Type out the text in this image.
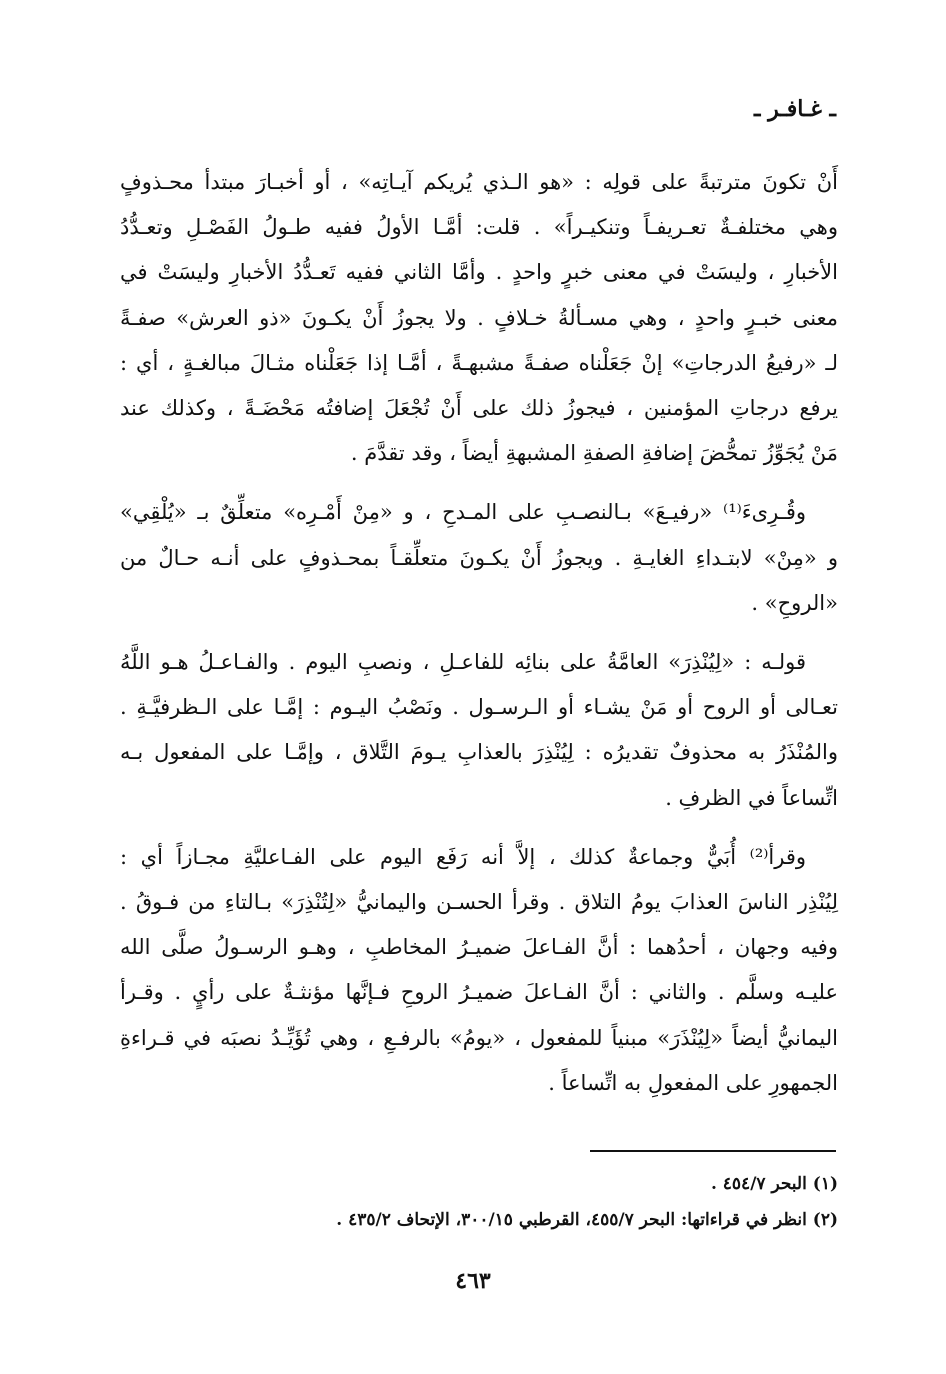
ـ غـافـر ـ

أَنْ تكونَ مترتبةً على قولِه : «هو الـذي يُريكم آيـاتِه» ، أو أخبـارَ مبتدأ محـذوفٍ
وهي مختلفـةٌ تعـريفـاً وتنكيـراً» . قلت: أمَّـا الأولُ ففيه طـولُ الفَصْـلِ وتعـدُّدُ
الأخبارِ ، وليسَتْ في معنى خبرٍ واحدٍ . وأمَّا الثاني ففيه تَعـدُّدُ الأخبارِ وليسَتْ في
معنى خبـرٍ واحدٍ ، وهي مسـألةُ خـلافٍ . ولا يجوزُ أَنْ يكـونَ «ذو العرش» صفـةً
لـ «رفيعُ الدرجاتِ» إنْ جَعَلْناه صفـةً مشبهـةً ، أمَّـا إذا جَعَلْناه مثـالَ مبالغـةٍ ، أي :
يرفع درجاتِ المؤمنين ، فيجوزُ ذلك على أَنْ تُجْعَلَ إضافتُه مَحْضَـةً ، وكذلك عند
مَنْ يُجَوِّزُ تمحُّضَ إضافةِ الصفةِ المشبهةِ أيضاً ، وقد تقدَّمَ .

وقُـرِىءَ⁽¹⁾ «رفيـعَ» بـالنصـبِ على المـدحِ ، و «مِنْ أَمْـرِه» متعلِّقٌ بـ «يُلْقِي»
و «مِنْ» لابتـداءِ الغايـةِ . ويجوزُ أَنْ يكـونَ متعلِّقـاً بمحـذوفٍ على أنـه حـالٌ من
«الروحِ» .

قولـه : «لِيُنْذِرَ» العامَّةُ على بنائِه للفاعـلِ ، ونصبِ اليوم . والفـاعـلُ هـو اللَّهُ
تعـالى أو الروح أو مَنْ يشـاء أو الـرسـول . ونَصْبُ اليـوم : إمَّـا على الـظرفيَّـةِ .
والمُنْذَرُ به محذوفٌ تقديرُه : لِيُنْذِرَ بالعذابِ يـومَ التَّلاق ، وإمَّـا على المفعول بـه
اتِّساعاً في الظرفِ .

وقرأ⁽²⁾ أُبَيٌّ وجماعةٌ كذلك ، إلاَّ أنه رَفَع اليوم على الفـاعليَّةِ مجـازاً أي :
لِيُنْذِر الناسَ العذابَ يومُ التلاق . وقرأ الحسـن واليمانيُّ «لِتُنْذِرَ» بـالتاءِ من فـوقُ .
وفيه وجهان ، أحدُهما : أنَّ الفـاعلَ ضميـرُ المخاطبِ ، وهـو الرسـولُ صلَّى الله
عليـه وسلَّم . والثاني : أنَّ الفـاعلَ ضميـرُ الروحِ فـإنَّها مؤنثـةٌ على رأيٍ . وقـرأ
اليمانيُّ أيضاً «لِيُنْذَرَ» مبنياً للمفعول ، «يومُ» بالرفـعِ ، وهي تُؤَيِّـدُ نصبَه في قـراءةِ
الجمهورِ على المفعولِ به اتِّساعاً .

(١) البحر ٤٥٤/٧ .
(٢) انظر في قراءاتها: البحر ٤٥٥/٧، القرطبي ٣٠٠/١٥، الإتحاف ٤٣٥/٢ .
٤٦٣
